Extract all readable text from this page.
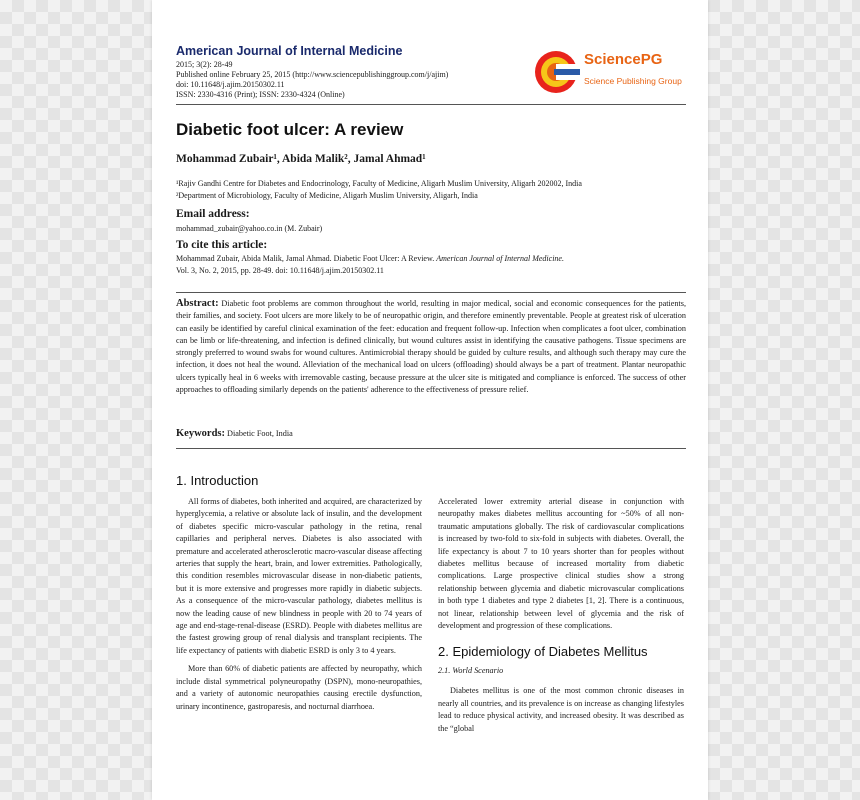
American Journal of Internal Medicine
2015; 3(2): 28-49
Published online February 25, 2015 (http://www.sciencepublishinggroup.com/j/ajim)
doi: 10.11648/j.ajim.20150302.11
ISSN: 2330-4316 (Print); ISSN: 2330-4324 (Online)
SciencePG
Science Publishing Group
Diabetic foot ulcer: A review
Mohammad Zubair¹, Abida Malik², Jamal Ahmad¹
¹Rajiv Gandhi Centre for Diabetes and Endocrinology, Faculty of Medicine, Aligarh Muslim University, Aligarh 202002, India
²Department of Microbiology, Faculty of Medicine, Aligarh Muslim University, Aligarh, India
Email address:
mohammad_zubair@yahoo.co.in (M. Zubair)
To cite this article:
Mohammad Zubair, Abida Malik, Jamal Ahmad. Diabetic Foot Ulcer: A Review. American Journal of Internal Medicine.
Vol. 3, No. 2, 2015, pp. 28-49. doi: 10.11648/j.ajim.20150302.11
Abstract: Diabetic foot problems are common throughout the world, resulting in major medical, social and economic consequences for the patients, their families, and society. Foot ulcers are more likely to be of neuropathic origin, and therefore eminently preventable. People at greatest risk of ulceration can easily be identified by careful clinical examination of the feet: education and frequent follow-up. Infection when complicates a foot ulcer, combination can be limb or life-threatening, and infection is defined clinically, but wound cultures assist in identifying the causative pathogens. Tissue specimens are strongly preferred to wound swabs for wound cultures. Antimicrobial therapy should be guided by culture results, and although such therapy may cure the infection, it does not heal the wound. Alleviation of the mechanical load on ulcers (offloading) should always be a part of treatment. Plantar neuropathic ulcers typically heal in 6 weeks with irremovable casting, because pressure at the ulcer site is mitigated and compliance is enforced. The success of other approaches to offloading similarly depends on the patients' adherence to the effectiveness of pressure relief.
Keywords: Diabetic Foot, India
1. Introduction

All forms of diabetes, both inherited and acquired, are characterized by hyperglycemia, a relative or absolute lack of insulin, and the development of diabetes specific micro-vascular pathology in the retina, renal capillaries and peripheral nerves. Diabetes is also associated with premature and accelerated atherosclerotic macro-vascular disease affecting arteries that supply the heart, brain, and lower extremities. Pathologically, this condition resembles microvascular disease in non-diabetic patients, but it is more extensive and progresses more rapidly in diabetic subjects. As a consequence of the micro-vascular pathology, diabetes mellitus is now the leading cause of new blindness in people with 20 to 74 years of age and end-stage-renal-disease (ESRD). People with diabetes mellitus are the fastest growing group of renal dialysis and transplant recipients. The life expectancy of patients with diabetic ESRD is only 3 to 4 years.

More than 60% of diabetic patients are affected by neuropathy, which include distal symmetrical polyneuropathy (DSPN), mono-neuropathies, and a variety of autonomic neuropathies causing erectile dysfunction, urinary incontinence, gastroparesis, and nocturnal diarrhoea.

Accelerated lower extremity arterial disease in conjunction with neuropathy makes diabetes mellitus accounting for ~50% of all non-traumatic amputations globally. The risk of cardiovascular complications is increased by two-fold to six-fold in subjects with diabetes. Overall, the life expectancy is about 7 to 10 years shorter than for peoples without diabetes mellitus because of increased mortality from diabetic complications. Large prospective clinical studies show a strong relationship between glycemia and diabetic microvascular complications in both type 1 diabetes and type 2 diabetes [1, 2]. There is a continuous, not linear, relationship between level of glycemia and the risk of development and progression of these complications.

2. Epidemiology of Diabetes Mellitus
2.1. World Scenario

Diabetes mellitus is one of the most common chronic diseases in nearly all countries, and its prevalence is on increase as changing lifestyles lead to reduce physical activity, and increased obesity. It was described as the “global
